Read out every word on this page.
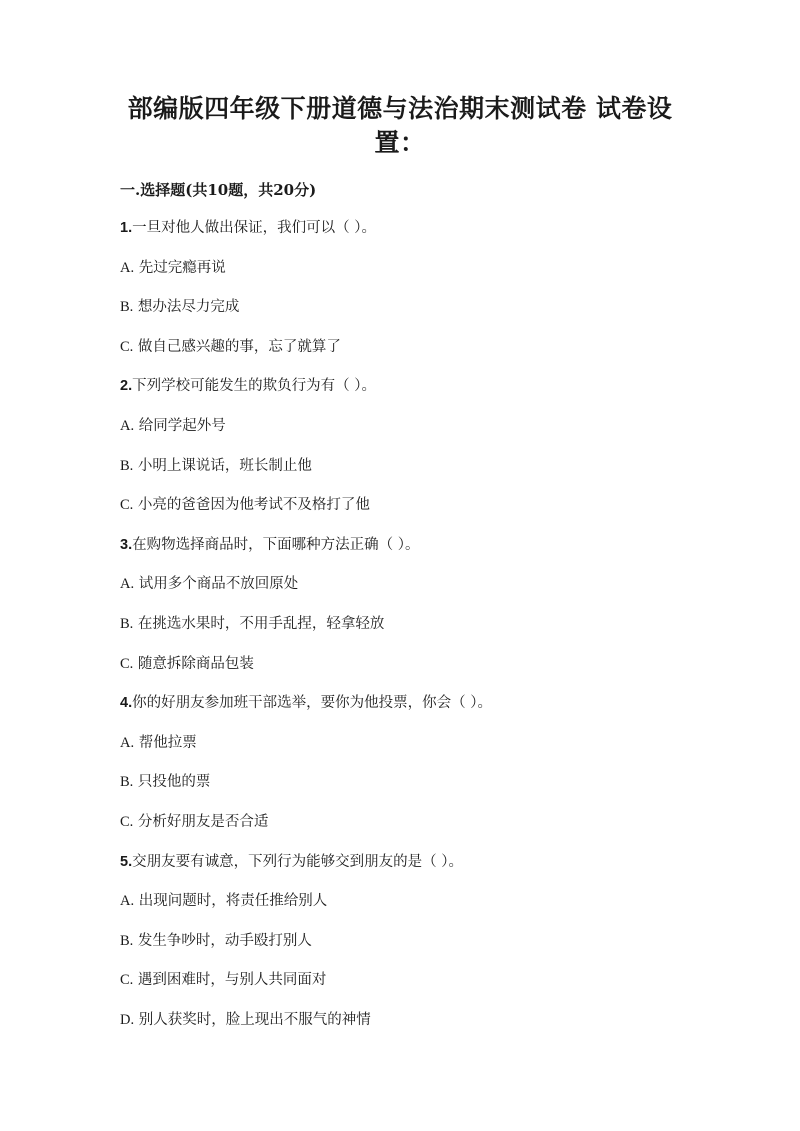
部编版四年级下册道德与法治期末测试卷 试卷设置：
一.选择题(共10题，共20分)
1.一旦对他人做出保证，我们可以（ ）。
A. 先过完瘾再说
B. 想办法尽力完成
C. 做自己感兴趣的事，忘了就算了
2.下列学校可能发生的欺负行为有（ ）。
A. 给同学起外号
B. 小明上课说话，班长制止他
C. 小亮的爸爸因为他考试不及格打了他
3.在购物选择商品时，下面哪种方法正确（ ）。
A. 试用多个商品不放回原处
B. 在挑选水果时，不用手乱捏，轻拿轻放
C. 随意拆除商品包装
4.你的好朋友参加班干部选举，要你为他投票，你会（ ）。
A. 帮他拉票
B. 只投他的票
C. 分析好朋友是否合适
5.交朋友要有诚意，下列行为能够交到朋友的是（ ）。
A. 出现问题时，将责任推给别人
B. 发生争吵时，动手殴打别人
C. 遇到困难时，与别人共同面对
D. 别人获奖时，脸上现出不服气的神情
